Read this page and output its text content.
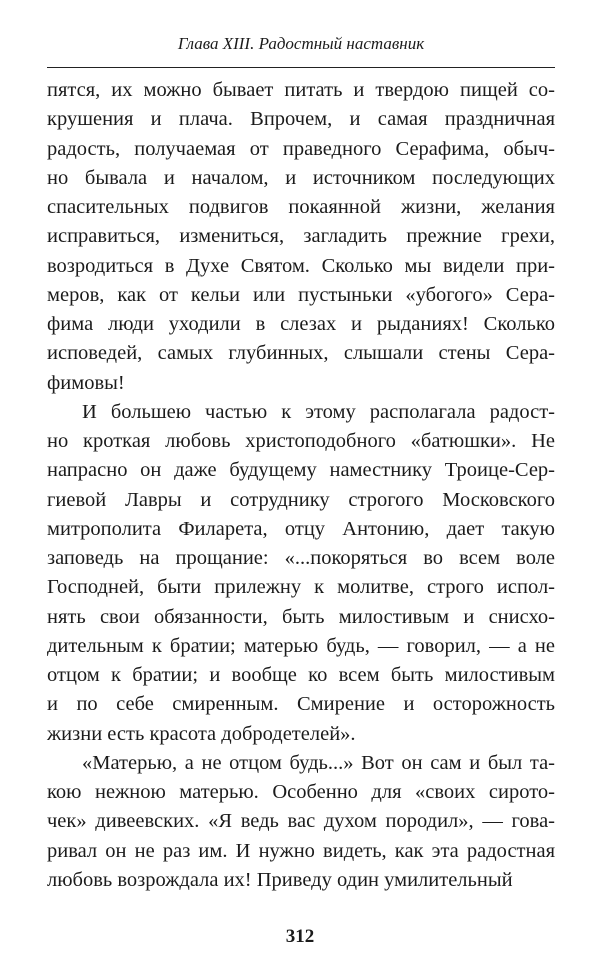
Глава XIII. Радостный наставник
пятся, их можно бывает питать и твердою пищей со-
крушения и плача. Впрочем, и самая праздничная
радость, получаемая от праведного Серафима, обыч-
но бывала и началом, и источником последующих
спасительных подвигов покаянной жизни, желания
исправиться, измениться, загладить прежние грехи,
возродиться в Духе Святом. Сколько мы видели при-
меров, как от кельи или пустыньки «убогого» Сера-
фима люди уходили в слезах и рыданиях! Сколько
исповедей, самых глубинных, слышали стены Сера-
фимовы!
И большею частью к этому располагала радост-
но кроткая любовь христоподобного «батюшки». Не
напрасно он даже будущему наместнику Троице-Сер-
гиевой Лавры и сотруднику строгого Московского
митрополита Филарета, отцу Антонию, дает такую
заповедь на прощание: «...покоряться во всем воле
Господней, быти прилежну к молитве, строго испол-
нять свои обязанности, быть милостивым и снисхо-
дительным к братии; матерью будь, — говорил, — а не
отцом к братии; и вообще ко всем быть милостивым
и по себе смиренным. Смирение и осторожность
жизни есть красота добродетелей».
«Матерью, а не отцом будь...» Вот он сам и был та-
кою нежною матерью. Особенно для «своих сирото-
чек» дивеевских. «Я ведь вас духом породил», — гова-
ривал он не раз им. И нужно видеть, как эта радостная
любовь возрождала их! Приведу один умилительный
312
